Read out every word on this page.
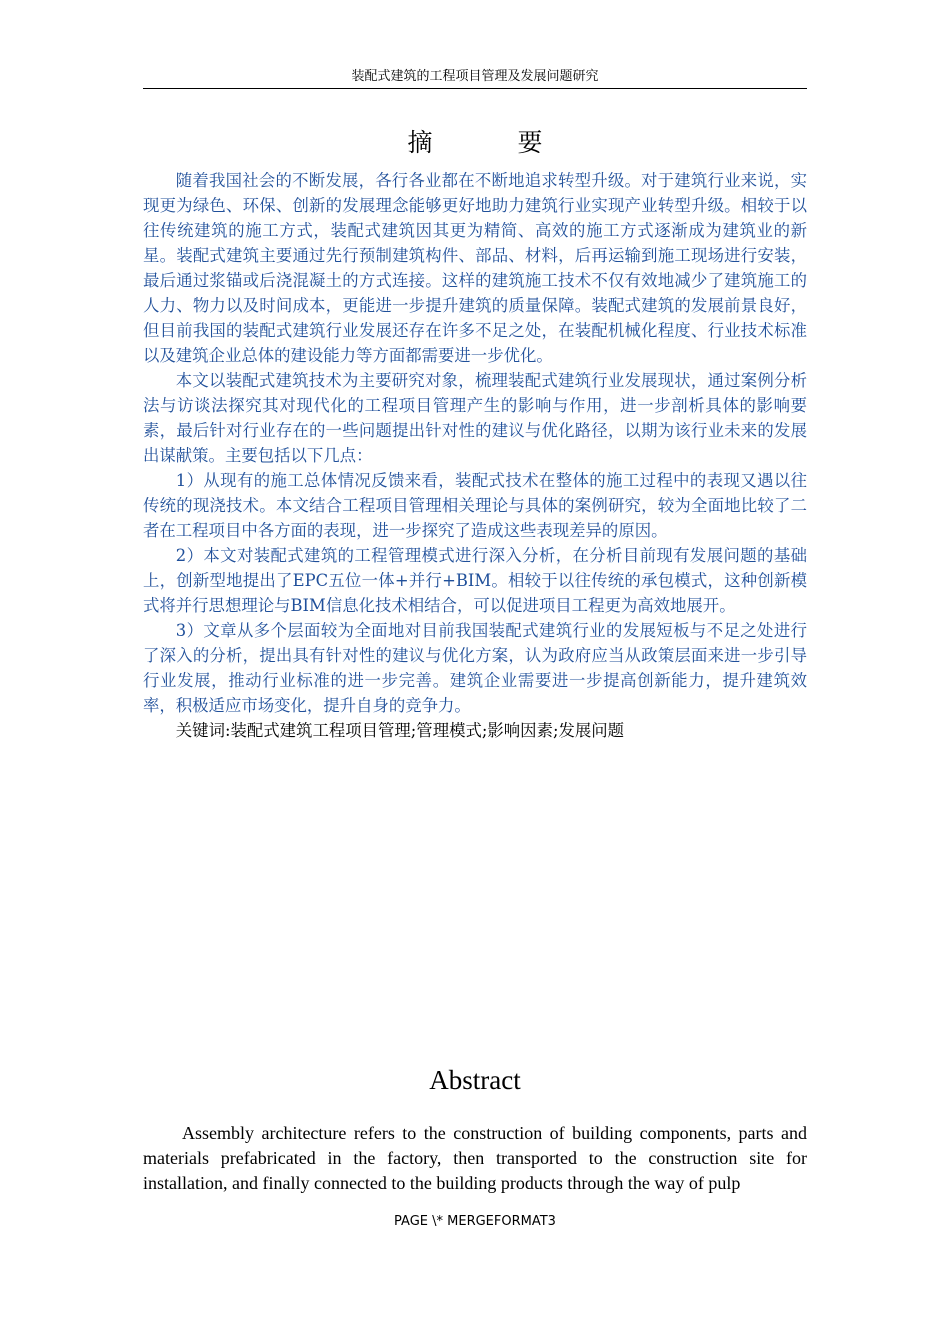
装配式建筑的工程项目管理及发展问题研究
摘　要

随着我国社会的不断发展，各行各业都在不断地追求转型升级。对于建筑行业来说，实现更为绿色、环保、创新的发展理念能够更好地助力建筑行业实现产业转型升级。相较于以往传统建筑的施工方式，装配式建筑因其更为精简、高效的施工方式逐渐成为建筑业的新星。装配式建筑主要通过先行预制建筑构件、部品、材料，后再运输到施工现场进行安装，最后通过浆锚或后浇混凝土的方式连接。这样的建筑施工技术不仅有效地减少了建筑施工的人力、物力以及时间成本，更能进一步提升建筑的质量保障。装配式建筑的发展前景良好，但目前我国的装配式建筑行业发展还存在许多不足之处，在装配机械化程度、行业技术标准以及建筑企业总体的建设能力等方面都需要进一步优化。

本文以装配式建筑技术为主要研究对象，梳理装配式建筑行业发展现状，通过案例分析法与访谈法探究其对现代化的工程项目管理产生的影响与作用，进一步剖析具体的影响要素，最后针对行业存在的一些问题提出针对性的建议与优化路径，以期为该行业未来的发展出谋献策。主要包括以下几点：

1）从现有的施工总体情况反馈来看，装配式技术在整体的施工过程中的表现又遇以往传统的现浇技术。本文结合工程项目管理相关理论与具体的案例研究，较为全面地比较了二者在工程项目中各方面的表现，进一步探究了造成这些表现差异的原因。

2）本文对装配式建筑的工程管理模式进行深入分析，在分析目前现有发展问题的基础上，创新型地提出了EPC五位一体+并行+BIM。相较于以往传统的承包模式，这种创新模式将并行思想理论与BIM信息化技术相结合，可以促进项目工程更为高效地展开。

3）文章从多个层面较为全面地对目前我国装配式建筑行业的发展短板与不足之处进行了深入的分析，提出具有针对性的建议与优化方案，认为政府应当从政策层面来进一步引导行业发展，推动行业标准的进一步完善。建筑企业需要进一步提高创新能力，提升建筑效率，积极适应市场变化，提升自身的竞争力。

关键词:装配式建筑工程项目管理;管理模式;影响因素;发展问题

Abstract

Assembly architecture refers to the construction of building components, parts and materials prefabricated in the factory, then transported to the construction site for installation, and finally connected to the building products through the way of pulp

PAGE \* MERGEFORMAT3
